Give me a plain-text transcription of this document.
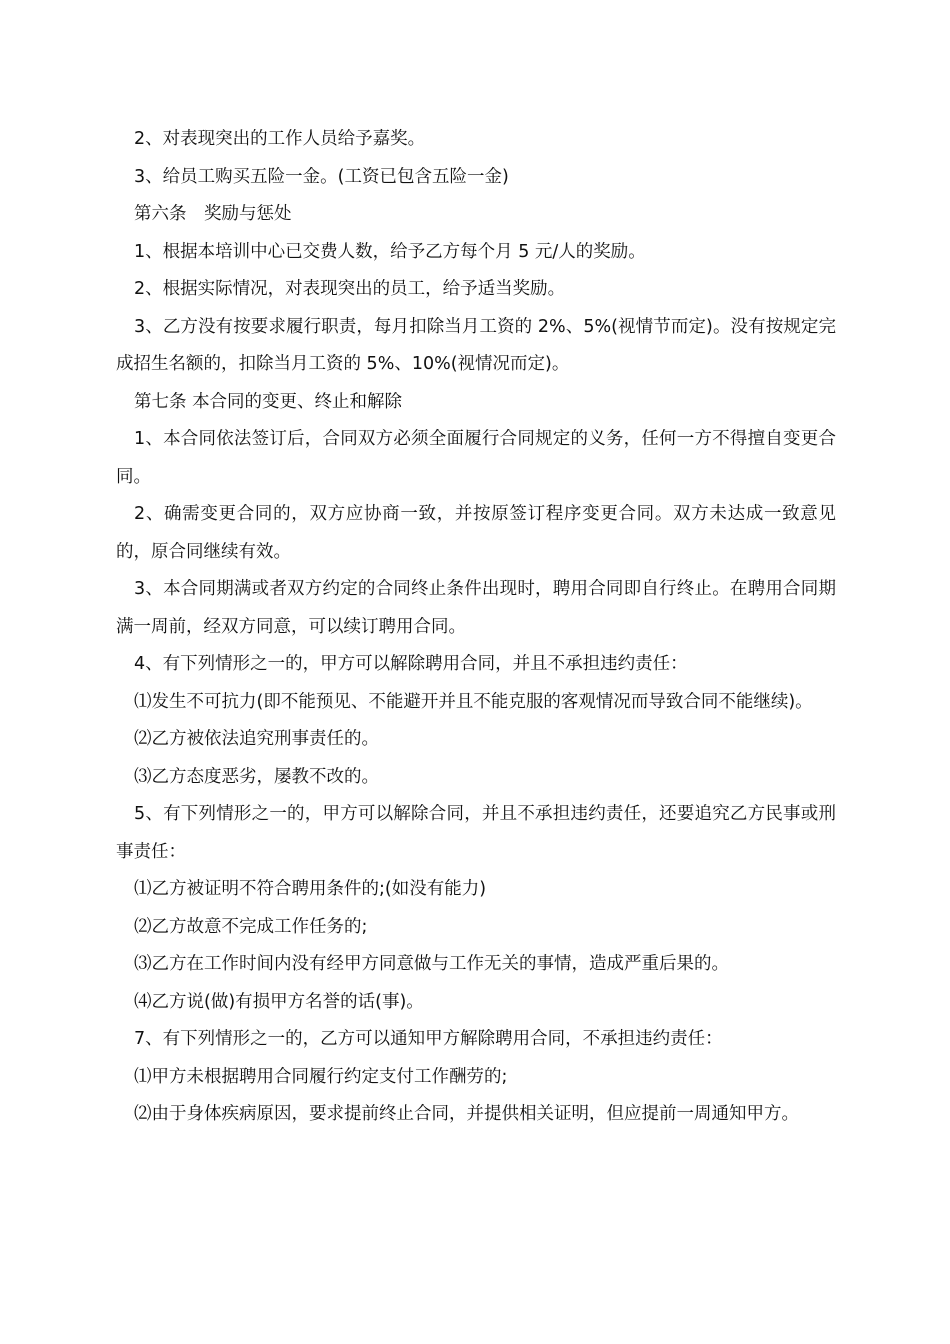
2、对表现突出的工作人员给予嘉奖。

3、给员工购买五险一金。(工资已包含五险一金)

第六条　奖励与惩处

1、根据本培训中心已交费人数，给予乙方每个月 5 元/人的奖励。

2、根据实际情况，对表现突出的员工，给予适当奖励。

3、乙方没有按要求履行职责，每月扣除当月工资的 2%、5%(视情节而定)。没有按规定完成招生名额的，扣除当月工资的 5%、10%(视情况而定)。

第七条 本合同的变更、终止和解除

1、本合同依法签订后，合同双方必须全面履行合同规定的义务，任何一方不得擅自变更合同。

2、确需变更合同的，双方应协商一致，并按原签订程序变更合同。双方未达成一致意见的，原合同继续有效。

3、本合同期满或者双方约定的合同终止条件出现时，聘用合同即自行终止。在聘用合同期满一周前，经双方同意，可以续订聘用合同。

4、有下列情形之一的，甲方可以解除聘用合同，并且不承担违约责任：

⑴发生不可抗力(即不能预见、不能避开并且不能克服的客观情况而导致合同不能继续)。

⑵乙方被依法追究刑事责任的。

⑶乙方态度恶劣，屡教不改的。

5、有下列情形之一的，甲方可以解除合同，并且不承担违约责任，还要追究乙方民事或刑事责任：

⑴乙方被证明不符合聘用条件的;(如没有能力)

⑵乙方故意不完成工作任务的;

⑶乙方在工作时间内没有经甲方同意做与工作无关的事情，造成严重后果的。

⑷乙方说(做)有损甲方名誉的话(事)。

7、有下列情形之一的，乙方可以通知甲方解除聘用合同，不承担违约责任：

⑴甲方未根据聘用合同履行约定支付工作酬劳的;

⑵由于身体疾病原因，要求提前终止合同，并提供相关证明，但应提前一周通知甲方。
